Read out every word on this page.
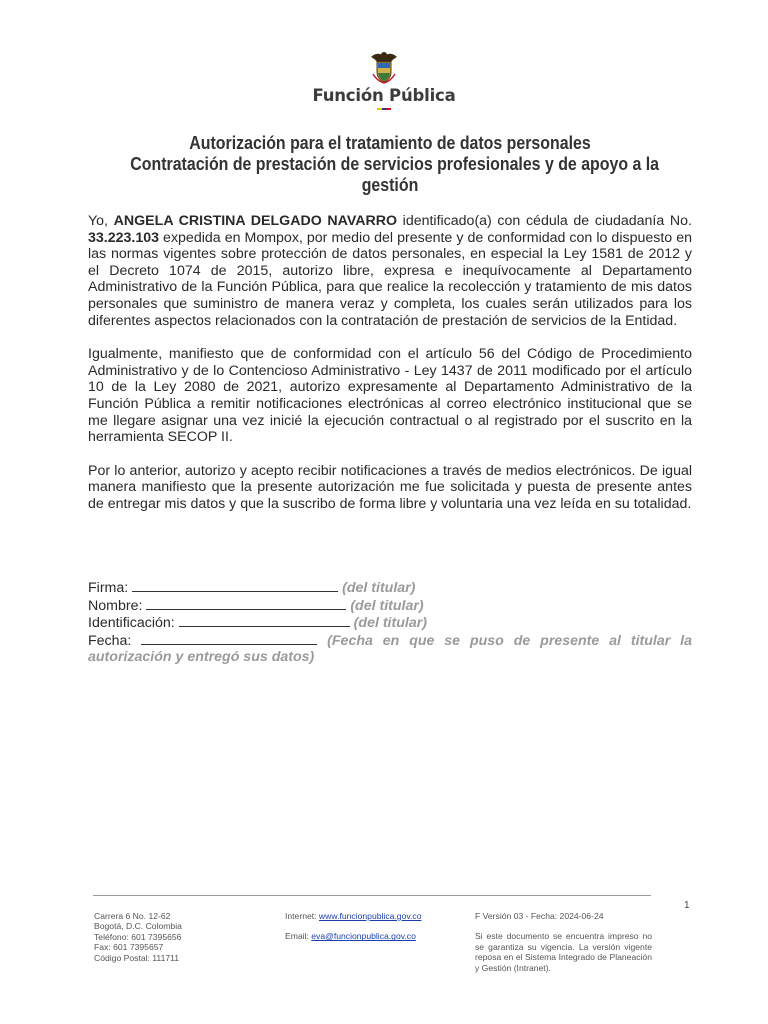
Función Pública
Autorización para el tratamiento de datos personales
Contratación de prestación de servicios profesionales y de apoyo a la
gestión

Yo, ANGELA CRISTINA DELGADO NAVARRO identificado(a) con cédula de ciudadanía No. 33.223.103 expedida en Mompox, por medio del presente y de conformidad con lo dispuesto en las normas vigentes sobre protección de datos personales, en especial la Ley 1581 de 2012 y el Decreto 1074 de 2015, autorizo libre, expresa e inequívocamente al Departamento Administrativo de la Función Pública, para que realice la recolección y tratamiento de mis datos personales que suministro de manera veraz y completa, los cuales serán utilizados para los diferentes aspectos relacionados con la contratación de prestación de servicios de la Entidad.

Igualmente, manifiesto que de conformidad con el artículo 56 del Código de Procedimiento Administrativo y de lo Contencioso Administrativo - Ley 1437 de 2011 modificado por el artículo 10 de la Ley 2080 de 2021, autorizo expresamente al Departamento Administrativo de la Función Pública a remitir notificaciones electrónicas al correo electrónico institucional que se me llegare asignar una vez inicié la ejecución contractual o al registrado por el suscrito en la herramienta SECOP II.

Por lo anterior, autorizo y acepto recibir notificaciones a través de medios electrónicos. De igual manera manifiesto que la presente autorización me fue solicitada y puesta de presente antes de entregar mis datos y que la suscribo de forma libre y voluntaria una vez leída en su totalidad.

Firma:	(del titular)
Nombre:	(del titular)
Identificación:	(del titular)
Fecha:	(Fecha en que se puso de presente al titular la autorización y entregó sus datos)
1
Carrera 6 No. 12-62
Bogotá, D.C. Colombia
Teléfono: 601 7395656
Fax: 601 7395657
Código Postal: 111711
Internet: www.funcionpublica.gov.co
Email: eva@funcionpublica.gov.co
F Versión 03 - Fecha: 2024-06-24
Si este documento se encuentra impreso no se garantiza su vigencia. La versión vigente reposa en el Sistema Integrado de Planeación y Gestión (Intranet).
